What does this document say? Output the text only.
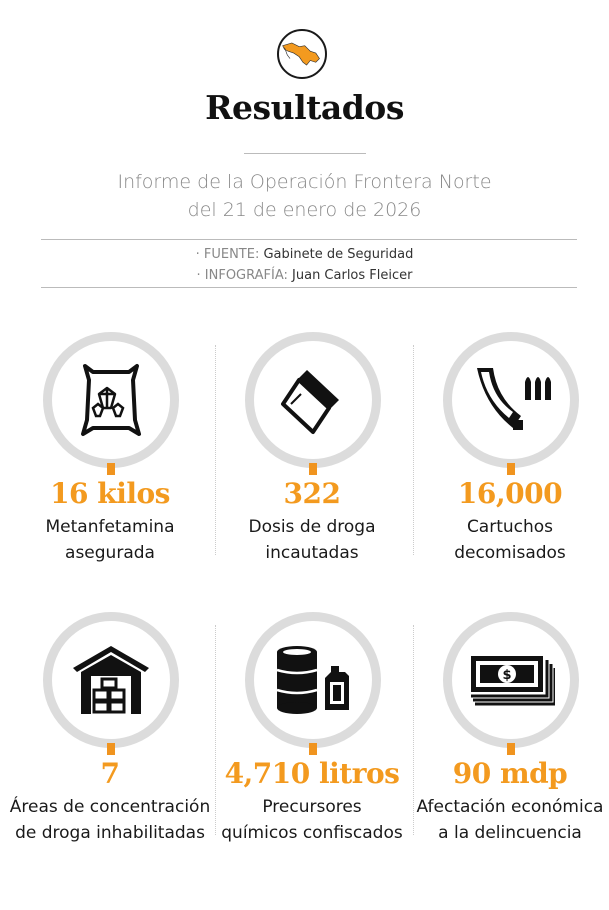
Resultados
Informe de la Operación Frontera Norte
del 21 de enero de 2026
· FUENTE: Gabinete de Seguridad
· INFOGRAFÍA: Juan Carlos Fleicer
16 kilos
Metanfetamina
asegurada
322
Dosis de droga
incautadas
16,000
Cartuchos
decomisados
7
Áreas de concentración
de droga inhabilitadas
4,710 litros
Precursores
químicos confiscados
$
90 mdp
Afectación económica
a la delincuencia
